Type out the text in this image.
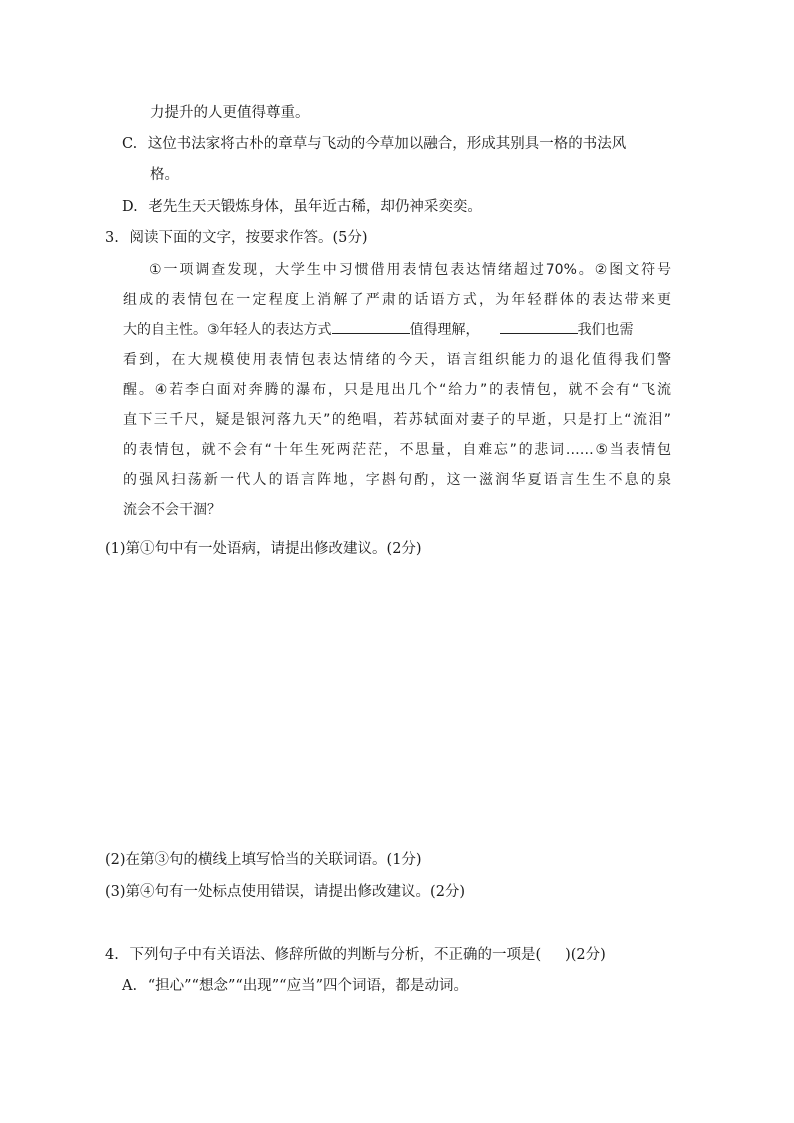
力提升的人更值得尊重。
C. 这位书法家将古朴的章草与飞动的今草加以融合，形成其别具一格的书法风
格。
D. 老先生天天锻炼身体，虽年近古稀，却仍神采奕奕。
3. 阅读下面的文字，按要求作答。(5分)
①一项调查发现，大学生中习惯借用表情包表达情绪超过70%。②图文符号
组成的表情包在一定程度上消解了严肃的话语方式，为年轻群体的表达带来更
大的自主性。③年轻人的表达方式	值得理解，	我们也需
看到，在大规模使用表情包表达情绪的今天，语言组织能力的退化值得我们警
醒。④若李白面对奔腾的瀑布，只是甩出几个“给力”的表情包，就不会有“飞流
直下三千尺，疑是银河落九天”的绝唱，若苏轼面对妻子的早逝，只是打上“流泪”
的表情包，就不会有“十年生死两茫茫，不思量，自难忘”的悲词……⑤当表情包
的强风扫荡新一代人的语言阵地，字斟句酌，这一滋润华夏语言生生不息的泉
流会不会干涸？
(1)第①句中有一处语病，请提出修改建议。(2分)
(2)在第③句的横线上填写恰当的关联词语。(1分)
(3)第④句有一处标点使用错误，请提出修改建议。(2分)
4. 下列句子中有关语法、修辞所做的判断与分析，不正确的一项是( )(2分)
A. “担心”“想念”“出现”“应当”四个词语，都是动词。
